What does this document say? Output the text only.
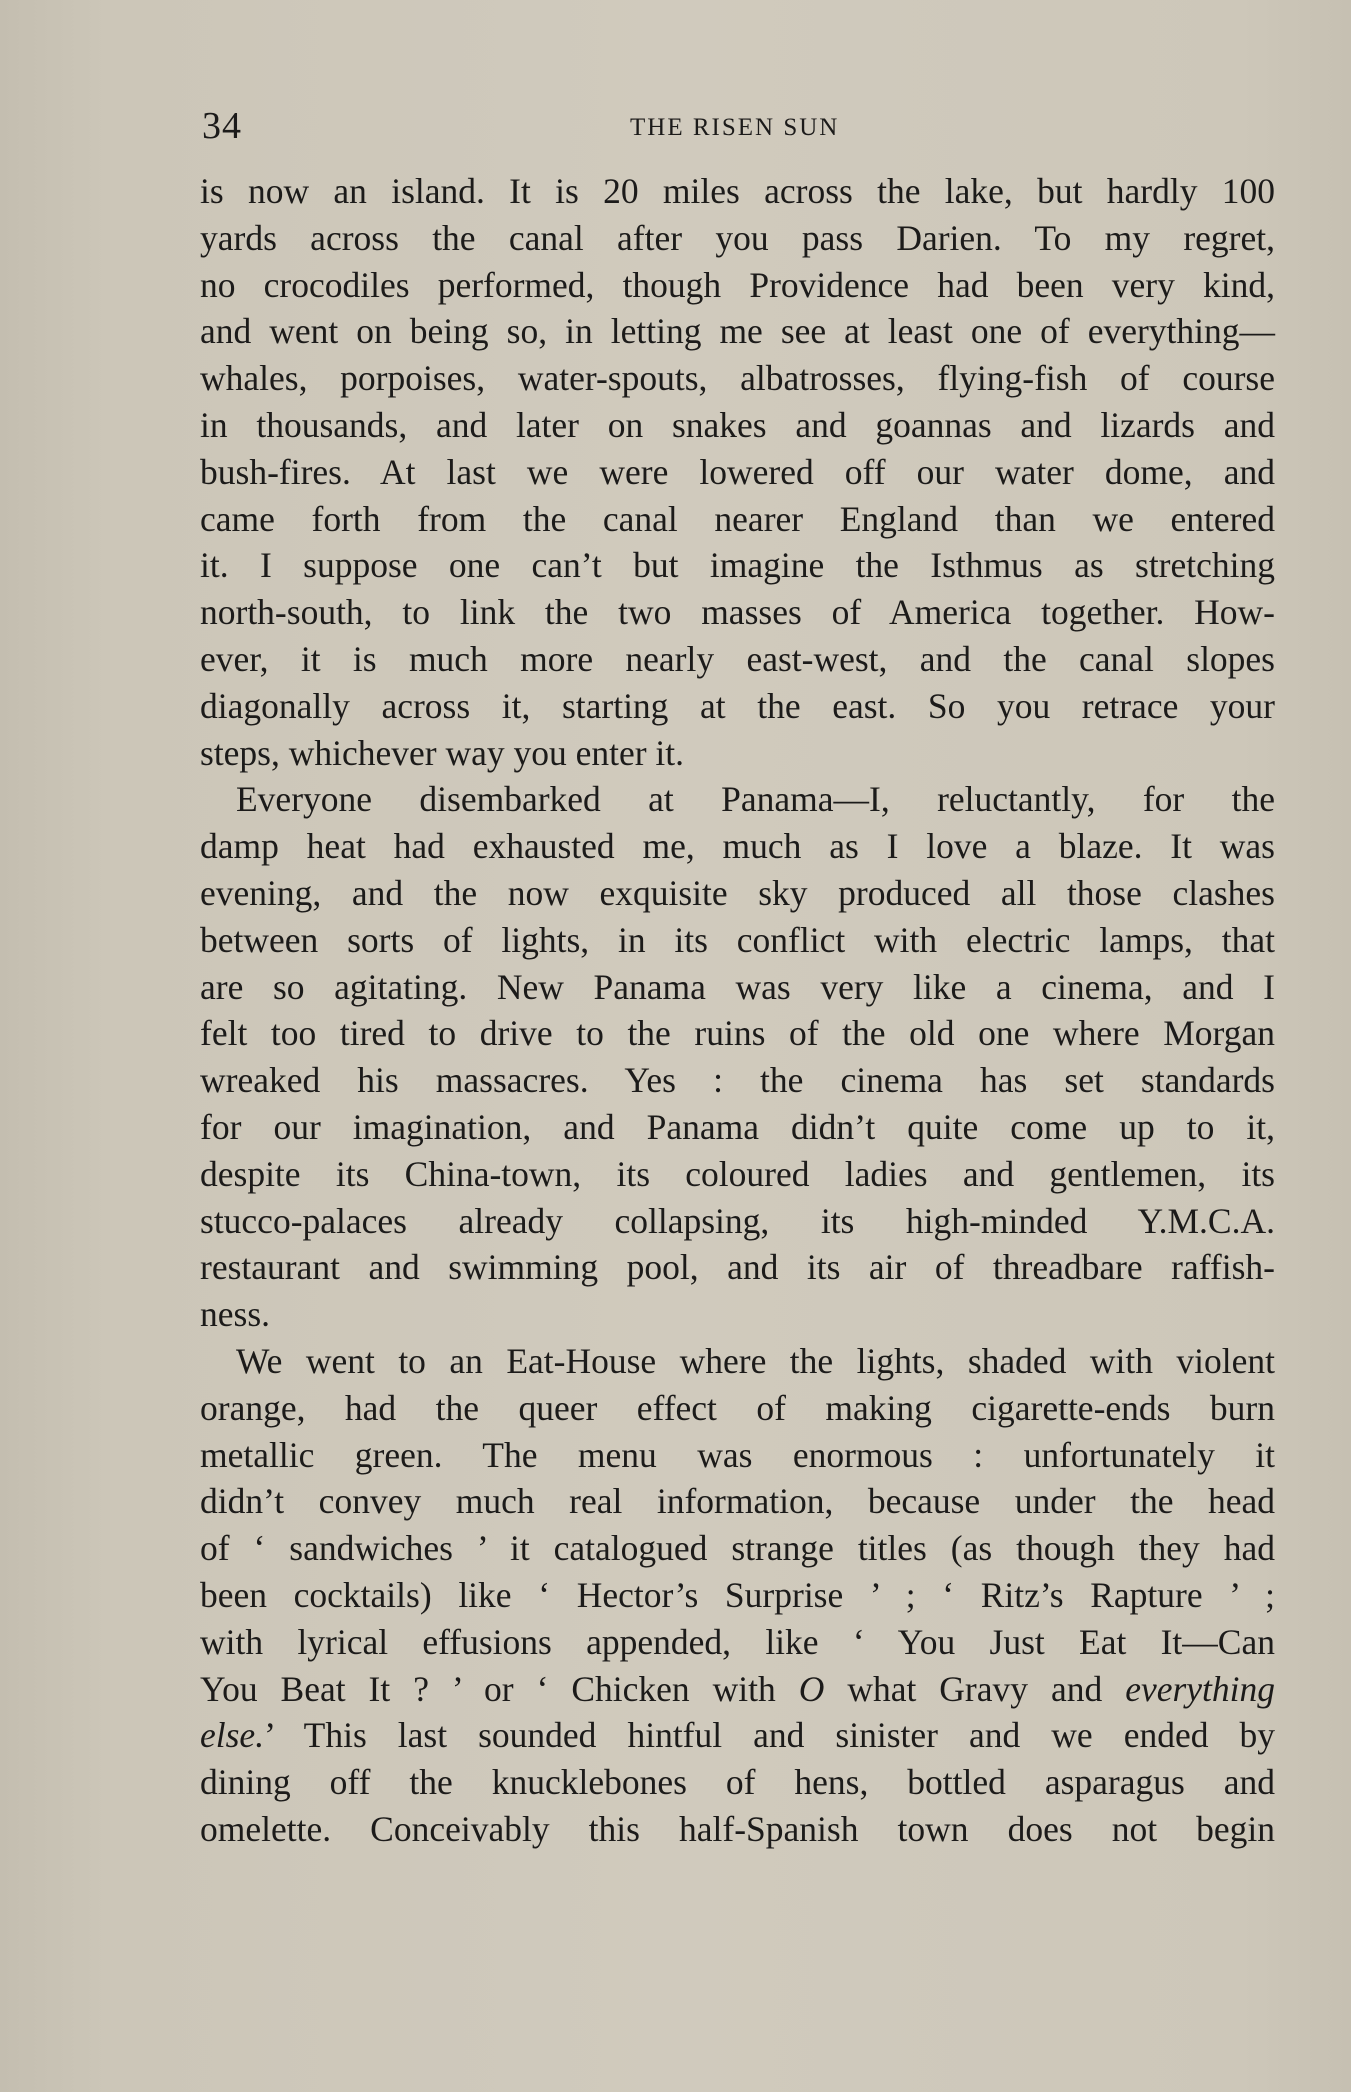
34	THE RISEN SUN
is now an island. It is 20 miles across the lake, but hardly 100
yards across the canal after you pass Darien. To my regret,
no crocodiles performed, though Providence had been very kind,
and went on being so, in letting me see at least one of everything—
whales, porpoises, water-spouts, albatrosses, flying-fish of course
in thousands, and later on snakes and goannas and lizards and
bush-fires. At last we were lowered off our water dome, and
came forth from the canal nearer England than we entered
it. I suppose one can’t but imagine the Isthmus as stretching
north-south, to link the two masses of America together. How-
ever, it is much more nearly east-west, and the canal slopes
diagonally across it, starting at the east. So you retrace your
steps, whichever way you enter it.
Everyone disembarked at Panama—I, reluctantly, for the
damp heat had exhausted me, much as I love a blaze. It was
evening, and the now exquisite sky produced all those clashes
between sorts of lights, in its conflict with electric lamps, that
are so agitating. New Panama was very like a cinema, and I
felt too tired to drive to the ruins of the old one where Morgan
wreaked his massacres. Yes : the cinema has set standards
for our imagination, and Panama didn’t quite come up to it,
despite its China-town, its coloured ladies and gentlemen, its
stucco-palaces already collapsing, its high-minded Y.M.C.A.
restaurant and swimming pool, and its air of threadbare raffish-
ness.
We went to an Eat-House where the lights, shaded with violent
orange, had the queer effect of making cigarette-ends burn
metallic green. The menu was enormous : unfortunately it
didn’t convey much real information, because under the head
of ‘ sandwiches ’ it catalogued strange titles (as though they had
been cocktails) like ‘ Hector’s Surprise ’ ; ‘ Ritz’s Rapture ’ ;
with lyrical effusions appended, like ‘ You Just Eat It—Can
You Beat It ? ’ or ‘ Chicken with O what Gravy and everything
else.’ This last sounded hintful and sinister and we ended by
dining off the knucklebones of hens, bottled asparagus and
omelette. Conceivably this half-Spanish town does not begin
